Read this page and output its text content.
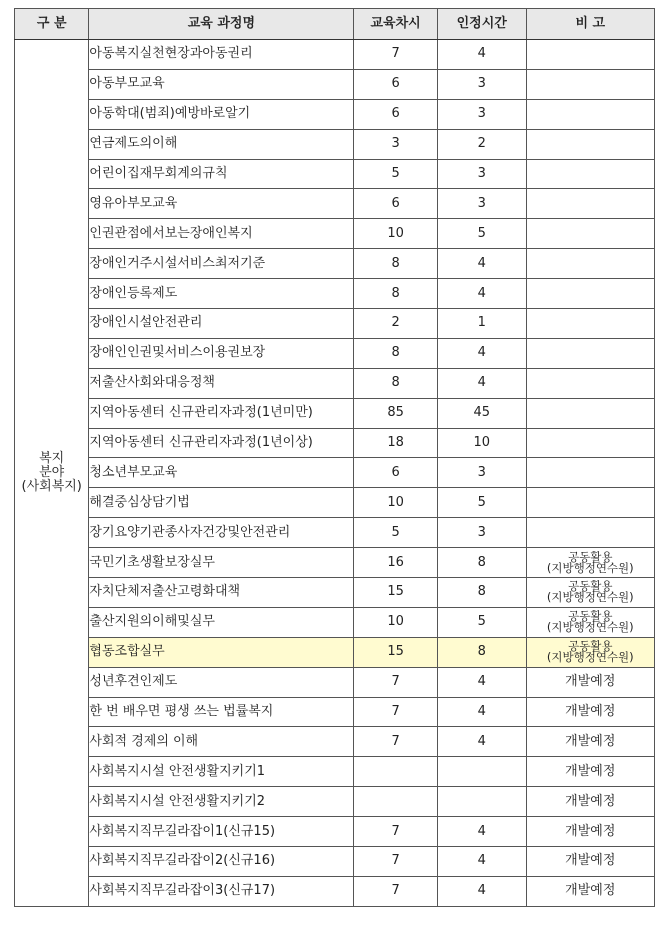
구 분	교육 과정명	교육차시	인정시간	비 고

복지
분야
(사회복지)	아동복지실천현장과아동권리	7	4	
	아동부모교육	6	3	
	아동학대(범죄)예방바로알기	6	3	
	연금제도의이해	3	2	
	어린이집재무회계의규칙	5	3	
	영유아부모교육	6	3	
	인권관점에서보는장애인복지	10	5	
	장애인거주시설서비스최저기준	8	4	
	장애인등록제도	8	4	
	장애인시설안전관리	2	1	
	장애인인권및서비스이용권보장	8	4	
	저출산사회와대응정책	8	4	
	지역아동센터 신규관리자과정(1년미만)	85	45	
	지역아동센터 신규관리자과정(1년이상)	18	10	
	청소년부모교육	6	3	
	해결중심상담기법	10	5	
	장기요양기관종사자건강및안전관리	5	3	
	국민기초생활보장실무	16	8	공동활용
(지방행정연수원)

	자치단체저출산고령화대책	15	8	공동활용
(지방행정연수원)

	출산지원의이해및실무	10	5	공동활용
(지방행정연수원)

	협동조합실무	15	8	공동활용
(지방행정연수원)

	성년후견인제도	7	4	개발예정
	한 번 배우면 평생 쓰는 법률복지	7	4	개발예정
	사회적 경제의 이해	7	4	개발예정
	사회복지시설 안전생활지키기1			개발예정
	사회복지시설 안전생활지키기2			개발예정
	사회복지직무길라잡이1(신규15)	7	4	개발예정
	사회복지직무길라잡이2(신규16)	7	4	개발예정
	사회복지직무길라잡이3(신규17)	7	4	개발예정
